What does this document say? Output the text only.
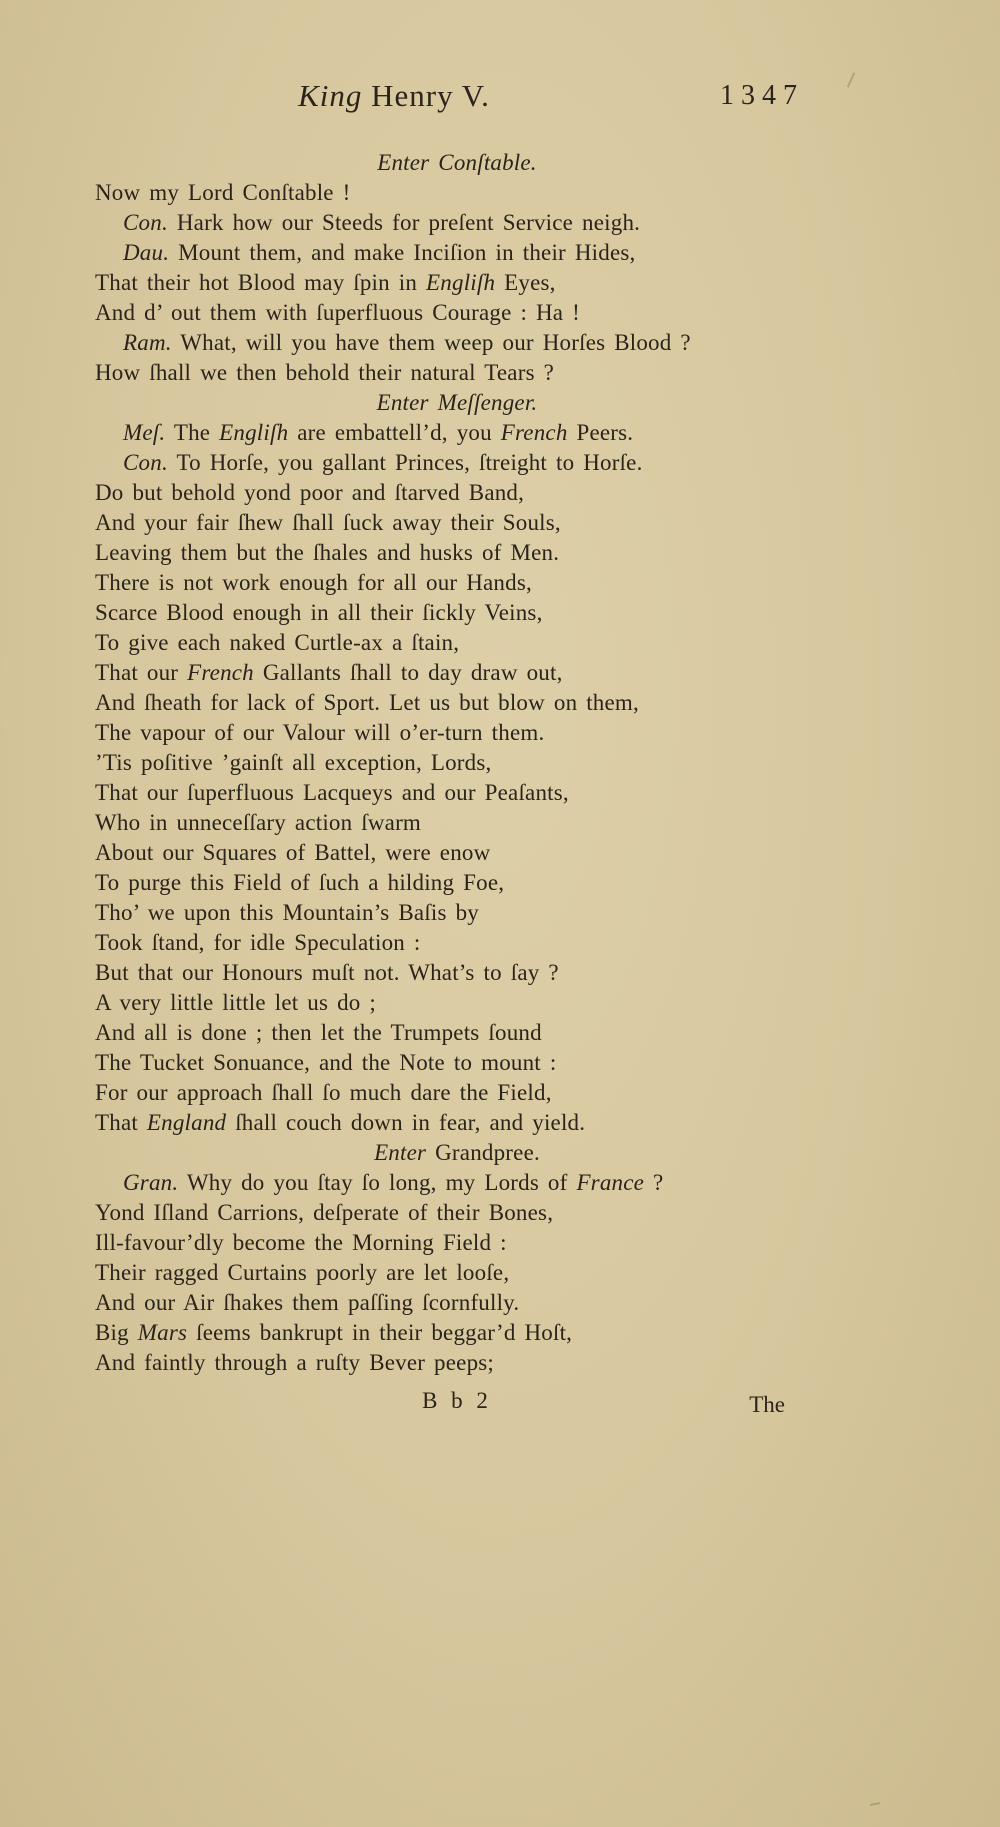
King Henry V.	1347
Enter Conſtable.
Now my Lord Conſtable !
Con. Hark how our Steeds for preſent Service neigh.
Dau. Mount them, and make Inciſion in their Hides,
That their hot Blood may ſpin in Engliſh Eyes,
And d’ out them with ſuperfluous Courage : Ha !
Ram. What, will you have them weep our Horſes Blood ?
How ſhall we then behold their natural Tears ?
Enter Meſſenger.
Meſ. The Engliſh are embattell’d, you French Peers.
Con. To Horſe, you gallant Princes, ſtreight to Horſe.
Do but behold yond poor and ſtarved Band,
And your fair ſhew ſhall ſuck away their Souls,
Leaving them but the ſhales and husks of Men.
There is not work enough for all our Hands,
Scarce Blood enough in all their ſickly Veins,
To give each naked Curtle-ax a ſtain,
That our French Gallants ſhall to day draw out,
And ſheath for lack of Sport. Let us but blow on them,
The vapour of our Valour will o’er-turn them.
’Tis poſitive ’gainſt all exception, Lords,
That our ſuperfluous Lacqueys and our Peaſants,
Who in unneceſſary action ſwarm
About our Squares of Battel, were enow
To purge this Field of ſuch a hilding Foe,
Tho’ we upon this Mountain’s Baſis by
Took ſtand, for idle Speculation :
But that our Honours muſt not. What’s to ſay ?
A very little little let us do ;
And all is done ; then let the Trumpets ſound
The Tucket Sonuance, and the Note to mount :
For our approach ſhall ſo much dare the Field,
That England ſhall couch down in fear, and yield.
Enter Grandpree.
Gran. Why do you ſtay ſo long, my Lords of France ?
Yond Iſland Carrions, deſperate of their Bones,
Ill-favour’dly become the Morning Field :
Their ragged Curtains poorly are let looſe,
And our Air ſhakes them paſſing ſcornfully.
Big Mars ſeems bankrupt in their beggar’d Hoſt,
And faintly through a ruſty Bever peeps;
B b 2	The
